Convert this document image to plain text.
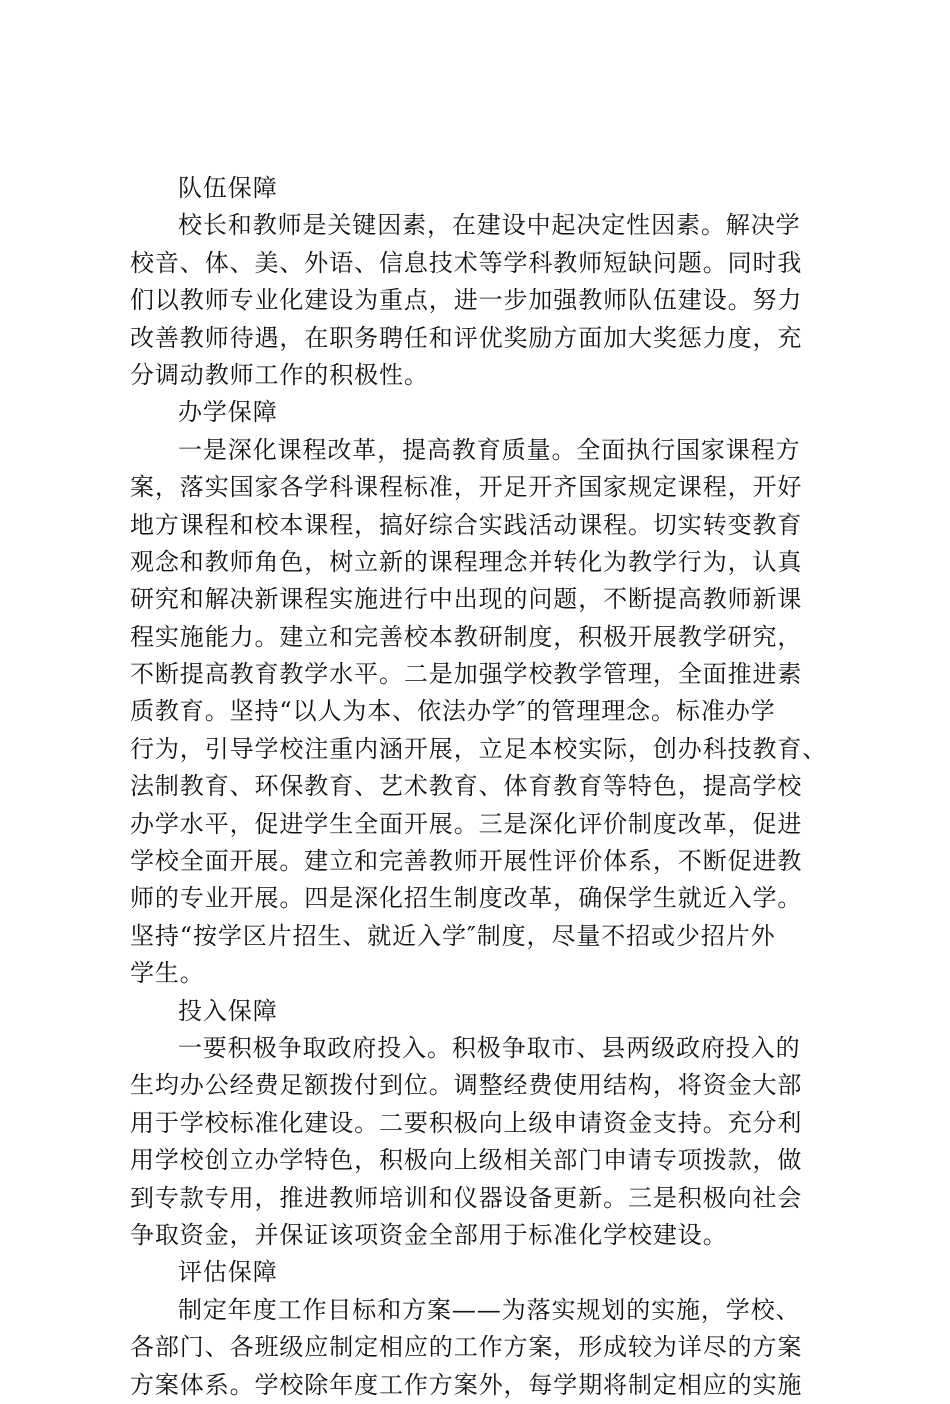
队伍保障
校长和教师是关键因素，在建设中起决定性因素。解决学
校音、体、美、外语、信息技术等学科教师短缺问题。同时我
们以教师专业化建设为重点，进一步加强教师队伍建设。努力
改善教师待遇，在职务聘任和评优奖励方面加大奖惩力度，充
分调动教师工作的积极性。
办学保障
一是深化课程改革，提高教育质量。全面执行国家课程方
案，落实国家各学科课程标准，开足开齐国家规定课程，开好
地方课程和校本课程，搞好综合实践活动课程。切实转变教育
观念和教师角色，树立新的课程理念并转化为教学行为，认真
研究和解决新课程实施进行中出现的问题，不断提高教师新课
程实施能力。建立和完善校本教研制度，积极开展教学研究，
不断提高教育教学水平。二是加强学校教学管理，全面推进素
质教育。坚持“以人为本、依法办学″的管理理念。标准办学
行为，引导学校注重内涵开展，立足本校实际，创办科技教育、
法制教育、环保教育、艺术教育、体育教育等特色，提高学校
办学水平，促进学生全面开展。三是深化评价制度改革，促进
学校全面开展。建立和完善教师开展性评价体系，不断促进教
师的专业开展。四是深化招生制度改革，确保学生就近入学。
坚持“按学区片招生、就近入学″制度，尽量不招或少招片外
学生。
投入保障
一要积极争取政府投入。积极争取市、县两级政府投入的
生均办公经费足额拨付到位。调整经费使用结构，将资金大部
用于学校标准化建设。二要积极向上级申请资金支持。充分利
用学校创立办学特色，积极向上级相关部门申请专项拨款，做
到专款专用，推进教师培训和仪器设备更新。三是积极向社会
争取资金，并保证该项资金全部用于标准化学校建设。
评估保障
制定年度工作目标和方案——为落实规划的实施，学校、
各部门、各班级应制定相应的工作方案，形成较为详尽的方案
方案体系。学校除年度工作方案外，每学期将制定相应的实施
